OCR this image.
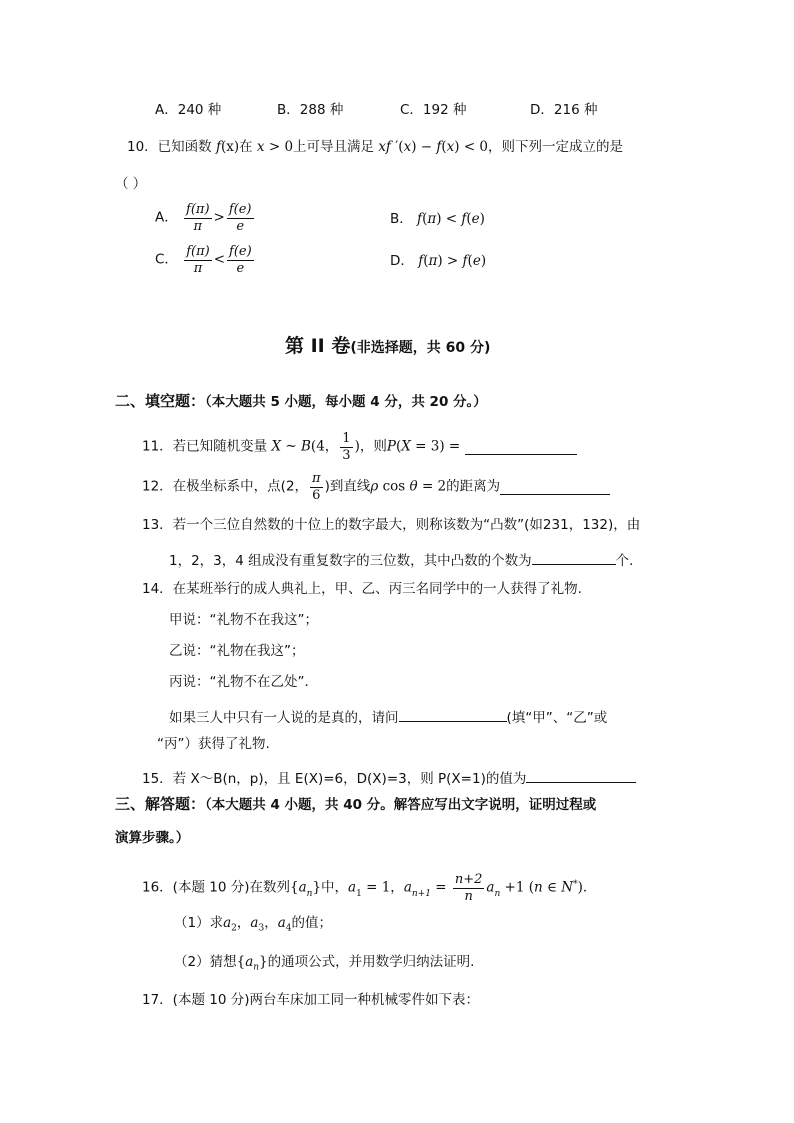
A．240 种	B．288 种	C．192 种	D．216 种
10．已知函数 f(x)在 x > 0上可导且满足 xf ′(x) − f(x) < 0，则下列一定成立的是
（ ）
A． $\frac{f(\pi)}{\pi} > \frac{f(e)}{e}$	B． f(π) < f(e)
C． $\frac{f(\pi)}{\pi} < \frac{f(e)}{e}$	D． f(π) > f(e)
第 II 卷(非选择题，共 60 分)
二、填空题：（本大题共 5 小题，每小题 4 分，共 20 分。）
11．若已知随机变量 X ~ B(4， $\frac{1}{3}$ )，则P(X = 3) =
12．在极坐标系中，点(2， $\frac{\pi}{6}$ )到直线ρ cos θ = 2的距离为
13．若一个三位自然数的十位上的数字最大，则称该数为“凸数”(如231，132)，由
1，2，3，4 组成没有重复数字的三位数，其中凸数的个数为	个．
14．在某班举行的成人典礼上，甲、乙、丙三名同学中的一人获得了礼物.
甲说：“礼物不在我这”；
乙说：“礼物在我这”；
丙说：“礼物不在乙处”．
如果三人中只有一人说的是真的，请问	(填“甲”、“乙”或
“丙”）获得了礼物.
15．若 X～B(n，p)，且 E(X)=6，D(X)=3，则 P(X=1)的值为
三、解答题：（本大题共 4 小题，共 40 分。解答应写出文字说明，证明过程或
演算步骤。）
16．(本题 10 分)在数列$\{a_n\}$中，$a_1 = 1$，$a_{n+1} = \frac{n+2}{n} a_n +1$ (n ∈ N*)．
（1）求$a_2$，$a_3$，$a_4$的值；
（2）猜想$\{a_n\}$的通项公式，并用数学归纳法证明.
17．(本题 10 分)两台车床加工同一种机械零件如下表：
